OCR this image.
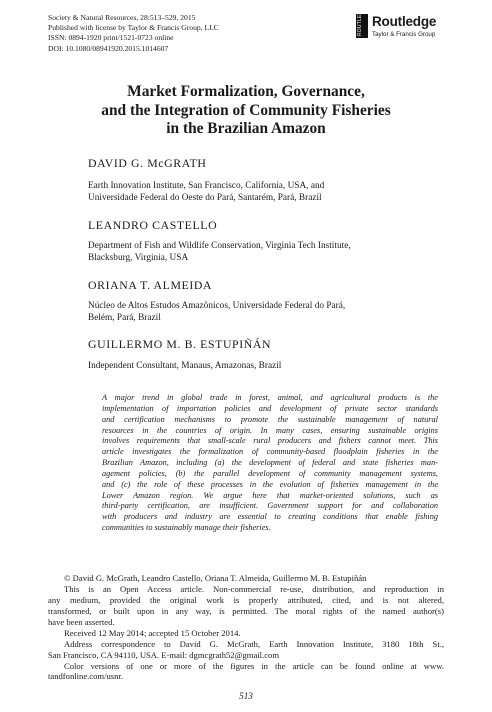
Society & Natural Resources, 28:513–529, 2015
Published with license by Taylor & Francis Group, LLC
ISSN: 0894-1920 print/1521-0723 online
DOI: 10.1080/08941920.2015.1014607
ROUTLEDGE Routledge
Taylor & Francis Group
Market Formalization, Governance,
and the Integration of Community Fisheries
in the Brazilian Amazon
DAVID G. McGRATH
Earth Innovation Institute, San Francisco, California, USA, and
Universidade Federal do Oeste do Pará, Santarém, Pará, Brazil
LEANDRO CASTELLO
Department of Fish and Wildlife Conservation, Virginia Tech Institute,
Blacksburg, Virginia, USA
ORIANA T. ALMEIDA
Núcleo de Altos Estudos Amazônicos, Universidade Federal do Pará,
Belém, Pará, Brazil
GUILLERMO M. B. ESTUPIÑÁN
Independent Consultant, Manaus, Amazonas, Brazil
A major trend in global trade in forest, animal, and agricultural products is the
implementation of importation policies and development of private sector standards
and certification mechanisms to promote the sustainable management of natural
resources in the countries of origin. In many cases, ensuring sustainable origins
involves requirements that small-scale rural producers and fishers cannot meet. This
article investigates the formalization of community-based floodplain fisheries in the
Brazilian Amazon, including (a) the development of federal and state fisheries man-
agement policies, (b) the parallel development of community management systems,
and (c) the role of these processes in the evolution of fisheries management in the
Lower Amazon region. We argue here that market-oriented solutions, such as
third-party certification, are insufficient. Government support for and collaboration
with producers and industry are essential to creating conditions that enable fishing
communities to sustainably manage their fisheries.
© David G. McGrath, Leandro Castello, Oriana T. Almeida, Guillermo M. B. Estupiñán
This is an Open Access article. Non-commercial re-use, distribution, and reproduction in
any medium, provided the original work is properly attributed, cited, and is not altered,
transformed, or built upon in any way, is permitted. The moral rights of the named author(s)
have been asserted.
Received 12 May 2014; accepted 15 October 2014.
Address correspondence to David G. McGrath, Earth Innovation Institute, 3180 18th St.,
San Francisco, CA 94110, USA. E-mail: dgmcgrath52@gmail.com
Color versions of one or more of the figures in the article can be found online at www.
tandfonline.com/usnr.
513
